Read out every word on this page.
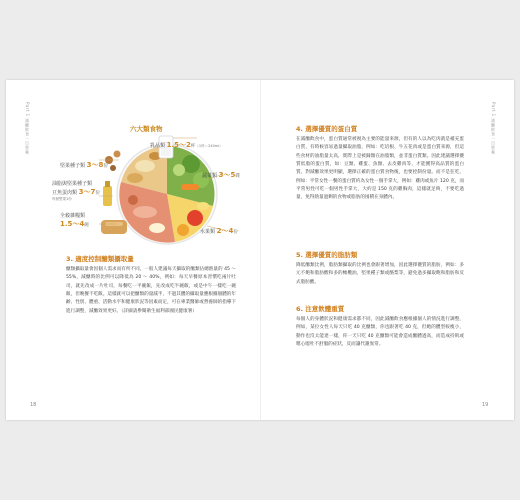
Part 1 減醣飲食一日營養
18
六大類食物
乳品類 1.5～2杯（1杯＝240ml）
蔬菜類 3～5碟
水果類 2～4份
堅果種子類 3～8份
油脂與堅果種子類
豆魚蛋肉類 3～7份
每餐堅果1份
全穀雜糧類
1.5～4碗
3. 適度控制醣類攝取量
醣類攝取量會因個人需求而有所不同，一般人建議每天攝取的醣類佔總熱量的 45 ～ 55%，減醣時的比例可以降低為 20 ～ 40%，例如：每天早餐原本習慣吃兩片吐司，就先改成一片吐司，每餐吃一平碗飯，先改成吃半碗飯，或是中午一樣吃一碗飯，但晚餐不吃飯。這樣就可以把醣類的量減半，不過其體的攝取量應根據個體的年齡、性別、體重、活動水平和健康狀況等因素而定，可在專業醫師或營養師的指導下進行調整，減醣效果更好。（詳細請參閱衛生福利部國民健康署）
Part 1 減醣飲食一日營養
19
4. 選擇優質的蛋白質
在減醣飲食中，蛋白質通常被視為主要的能量來源，但有的人以為吃肉就是補充蛋白質，有時候容易過量攝取油脂，例如：吃培根、牛五花肉或是蛋白質來源，但這些食材的油脂量太高，實際上是被歸類在油脂類，並非蛋白質類。因此建議選擇優質低脂的蛋白質，如：豆類、雞蛋、魚類、去皮雞肉等，才能獲得高品質的蛋白質。對減醣效果更明顯，選擇正確的蛋白質食物後，也要控制份量。而不是狂吃，例如：平常女性一餐的蛋白質約為女性一個手掌大，例如：雞肉或魚片 120 克，而平常男性可吃一個男性手掌大，大約是 150 克的雞胸肉，這樣就足夠，不要吃過量，免得熱量過剩的食物或脂肪的囤積在身體內。
5. 選擇優質的脂肪類
降低醣類比例，脂肪類攝取的比例也會跟著增加，因此選擇優質的脂肪，例如：多元不飽和脂肪酸和多的橄欖油，堅果種子類或酪梨等，避免過多攝取飽和脂肪和反式脂肪酸。
6. 注意飲體重質
每個人的身體狀況和健康需求都不同，因此減醣飲食應根據個人的情況進行調整，例如，某位女性人每天只吃 40 克醣類，你也跟著吃 40 克，但她的體型較瘦小，動作也沒太能達一樣，你一天只吃 40 克醣類可能會造成醣體過高，而造成持飢或嗯心噁吐不舒服的症狀，反而讓代謝異常。
